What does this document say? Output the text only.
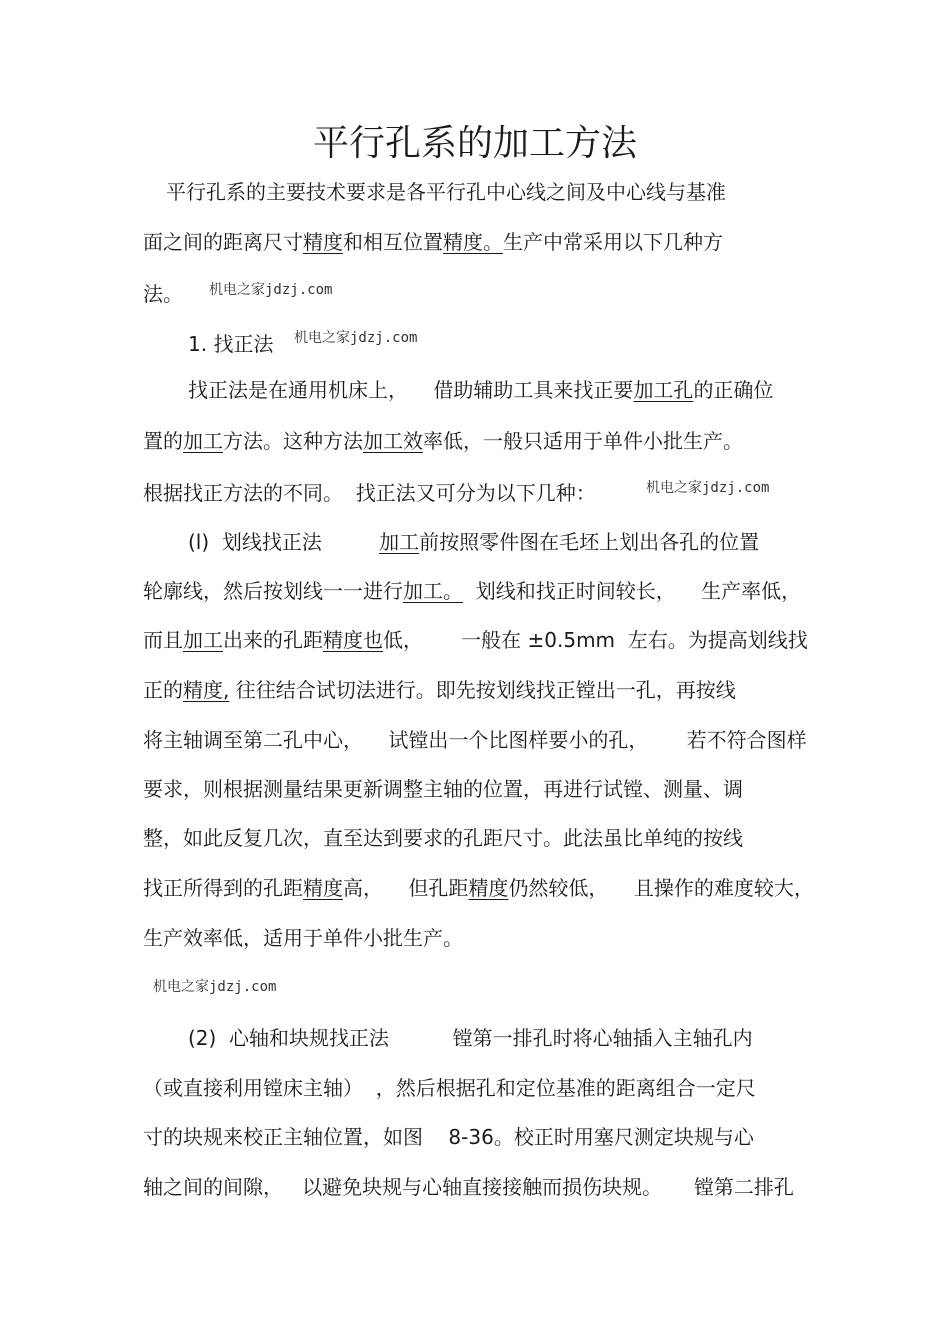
平行孔系的加工方法
平行孔系的主要技术要求是各平行孔中心线之间及中心线与基准
面之间的距离尺寸精度和相互位置精度。生产中常采用以下几种方
法。 机电之家jdzj.com
1. 找正法 机电之家jdzj.com
找正法是在通用机床上，    借助辅助工具来找正要加工孔的正确位
置的加工方法。这种方法加工效率低，一般只适用于单件小批生产。
根据找正方法的不同。  找正法又可分为以下几种：	机电之家jdzj.com
(l)  划线找正法         加工前按照零件图在毛坯上划出各孔的位置
轮廓线，然后按划线一一进行加工。  划线和找正时间较长，    生产率低，
而且加工出来的孔距精度也低，      一般在 ±0.5mm  左右。为提高划线找
正的精度, 往往结合试切法进行。即先按划线找正镗出一孔，再按线
将主轴调至第二孔中心，    试镗出一个比图样要小的孔，      若不符合图样
要求，则根据测量结果更新调整主轴的位置，再进行试镗、测量、调
整，如此反复几次，直至达到要求的孔距尺寸。此法虽比单纯的按线
找正所得到的孔距精度高，    但孔距精度仍然较低，    且操作的难度较大，
生产效率低，适用于单件小批生产。
机电之家jdzj.com
(2)  心轴和块规找正法          镗第一排孔时将心轴插入主轴孔内
（或直接利用镗床主轴）  ，然后根据孔和定位基准的距离组合一定尺
寸的块规来校正主轴位置，如图    8-36。校正时用塞尺测定块规与心
轴之间的间隙，   以避免块规与心轴直接接触而损伤块规。     镗第二排孔
